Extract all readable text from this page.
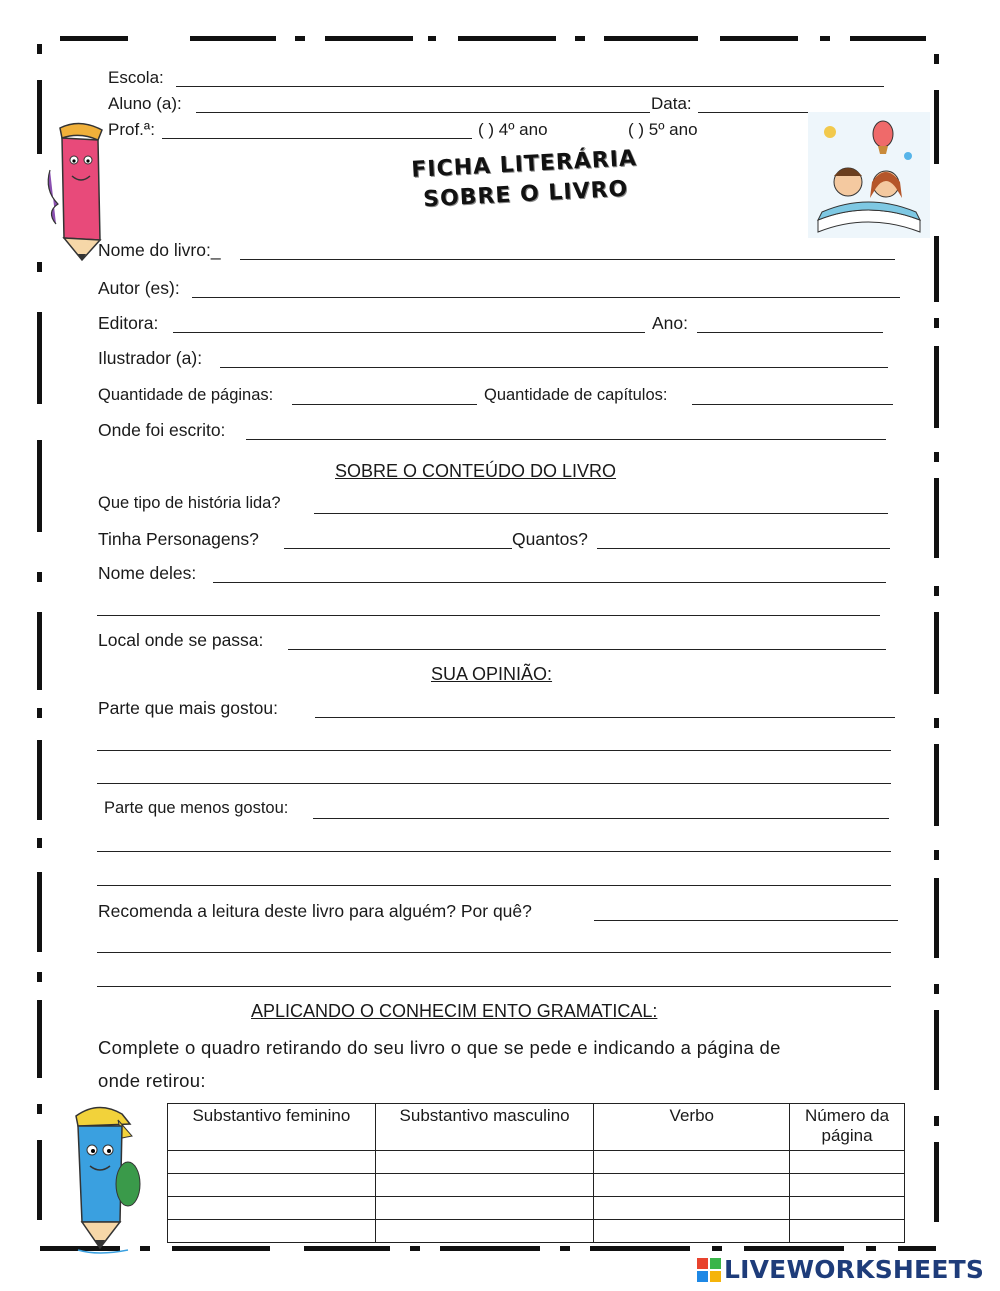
Escola:
Aluno (a):	Data:
Prof.ª:	( ) 4º ano	( ) 5º ano
FICHA LITERÁRIA
SOBRE O LIVRO
Nome do livro:_
Autor (es):
Editora:	Ano:
Ilustrador (a):
Quantidade de páginas:	Quantidade de capítulos:
Onde foi escrito:
SOBRE O CONTEÚDO DO LIVRO
Que tipo de história lida?
Tinha Personagens?	Quantos?
Nome deles:
Local onde se passa:
SUA OPINIÃO:
Parte que mais gostou:
Parte que menos gostou:
Recomenda a leitura deste livro para alguém? Por quê?
APLICANDO O CONHECIM ENTO GRAMATICAL:
Complete o quadro retirando do seu livro o que se pede e indicando a página de
onde retirou:
Substantivo feminino	Substantivo masculino	Verbo	Número da página

LIVEWORKSHEETS
